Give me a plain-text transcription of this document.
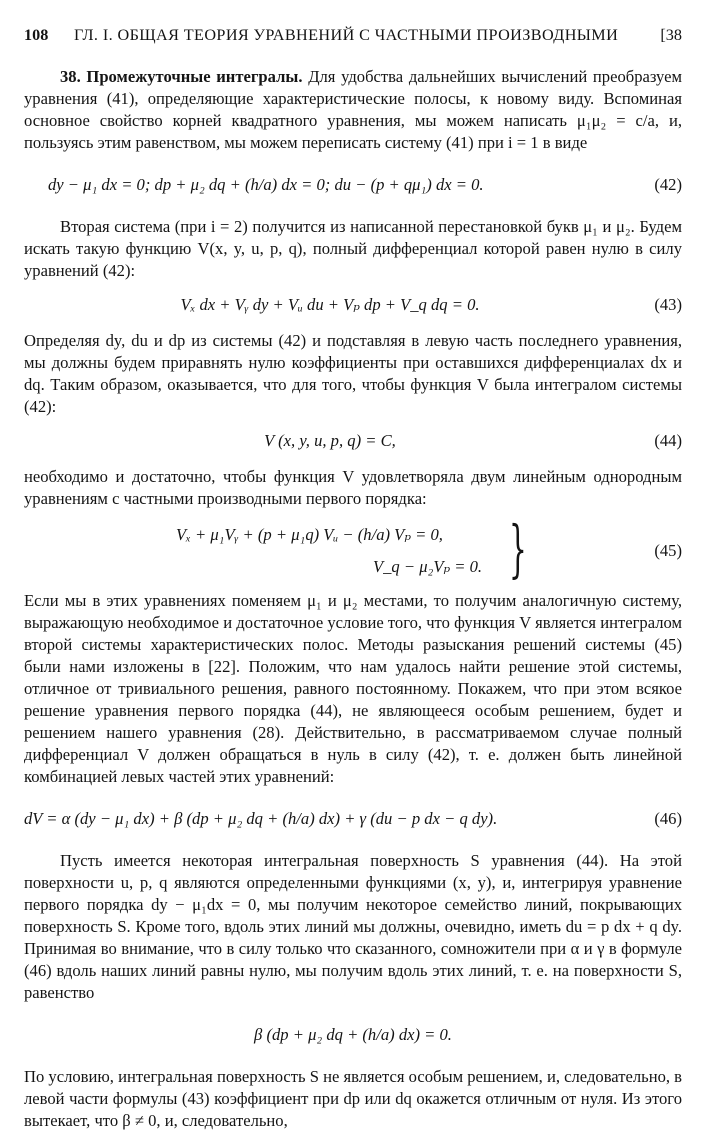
108 ГЛ. I. ОБЩАЯ ТЕОРИЯ УРАВНЕНИЙ С ЧАСТНЫМИ ПРОИЗВОДНЫМИ	[38

38. Промежуточные интегралы. Для удобства дальнейших вычислений преобразуем уравнения (41), определяющие характеристические полосы, к новому виду. Вспоминая основное свойство корней квадратного уравнения, мы можем написать μ₁μ₂ = c/a, и, пользуясь этим равенством, мы можем переписать систему (41) при i = 1 в виде

dy − μ₁ dx = 0; dp + μ₂ dq + (h/a) dx = 0; du − (p + qμ₁) dx = 0.	(42)

Вторая система (при i = 2) получится из написанной перестановкой букв μ₁ и μ₂. Будем искать такую функцию V(x, y, u, p, q), полный дифференциал которой равен нулю в силу уравнений (42):

Vₓ dx + Vᵧ dy + Vᵤ du + Vₚ dp + V_q dq = 0.	(43)

Определяя dy, du и dp из системы (42) и подставляя в левую часть последнего уравнения, мы должны будем приравнять нулю коэффициенты при оставшихся дифференциалах dx и dq. Таким образом, оказывается, что для того, чтобы функция V была интегралом системы (42):

V (x, y, u, p, q) = C,	(44)

необходимо и достаточно, чтобы функция V удовлетворяла двум линейным однородным уравнениям с частными производными первого порядка:

Vₓ + μ₁Vᵧ + (p + μ₁q) Vᵤ − (h/a) Vₚ = 0,
V_q − μ₂Vₚ = 0. }	(45)

Если мы в этих уравнениях поменяем μ₁ и μ₂ местами, то получим аналогичную систему, выражающую необходимое и достаточное условие того, что функция V является интегралом второй системы характеристических полос. Методы разыскания решений системы (45) были нами изложены в [22]. Положим, что нам удалось найти решение этой системы, отличное от тривиального решения, равного постоянному. Покажем, что при этом всякое решение уравнения первого порядка (44), не являющееся особым решением, будет и решением нашего уравнения (28). Действительно, в рассматриваемом случае полный дифференциал V должен обращаться в нуль в силу (42), т. е. должен быть линейной комбинацией левых частей этих уравнений:

dV = α (dy − μ₁ dx) + β (dp + μ₂ dq + (h/a) dx) + γ (du − p dx − q dy).	(46)

Пусть имеется некоторая интегральная поверхность S уравнения (44). На этой поверхности u, p, q являются определенными функциями (x, y), и, интегрируя уравнение первого порядка dy − μ₁dx = 0, мы получим некоторое семейство линий, покрывающих поверхность S. Кроме того, вдоль этих линий мы должны, очевидно, иметь du = p dx + q dy. Принимая во внимание, что в силу только что сказанного, сомножители при α и γ в формуле (46) вдоль наших линий равны нулю, мы получим вдоль этих линий, т. е. на поверхности S, равенство

β (dp + μ₂ dq + (h/a) dx) = 0.

По условию, интегральная поверхность S не является особым решением, и, следовательно, в левой части формулы (43) коэффициент при dp или dq окажется отличным от нуля. Из этого вытекает, что β ≠ 0, и, следовательно,
